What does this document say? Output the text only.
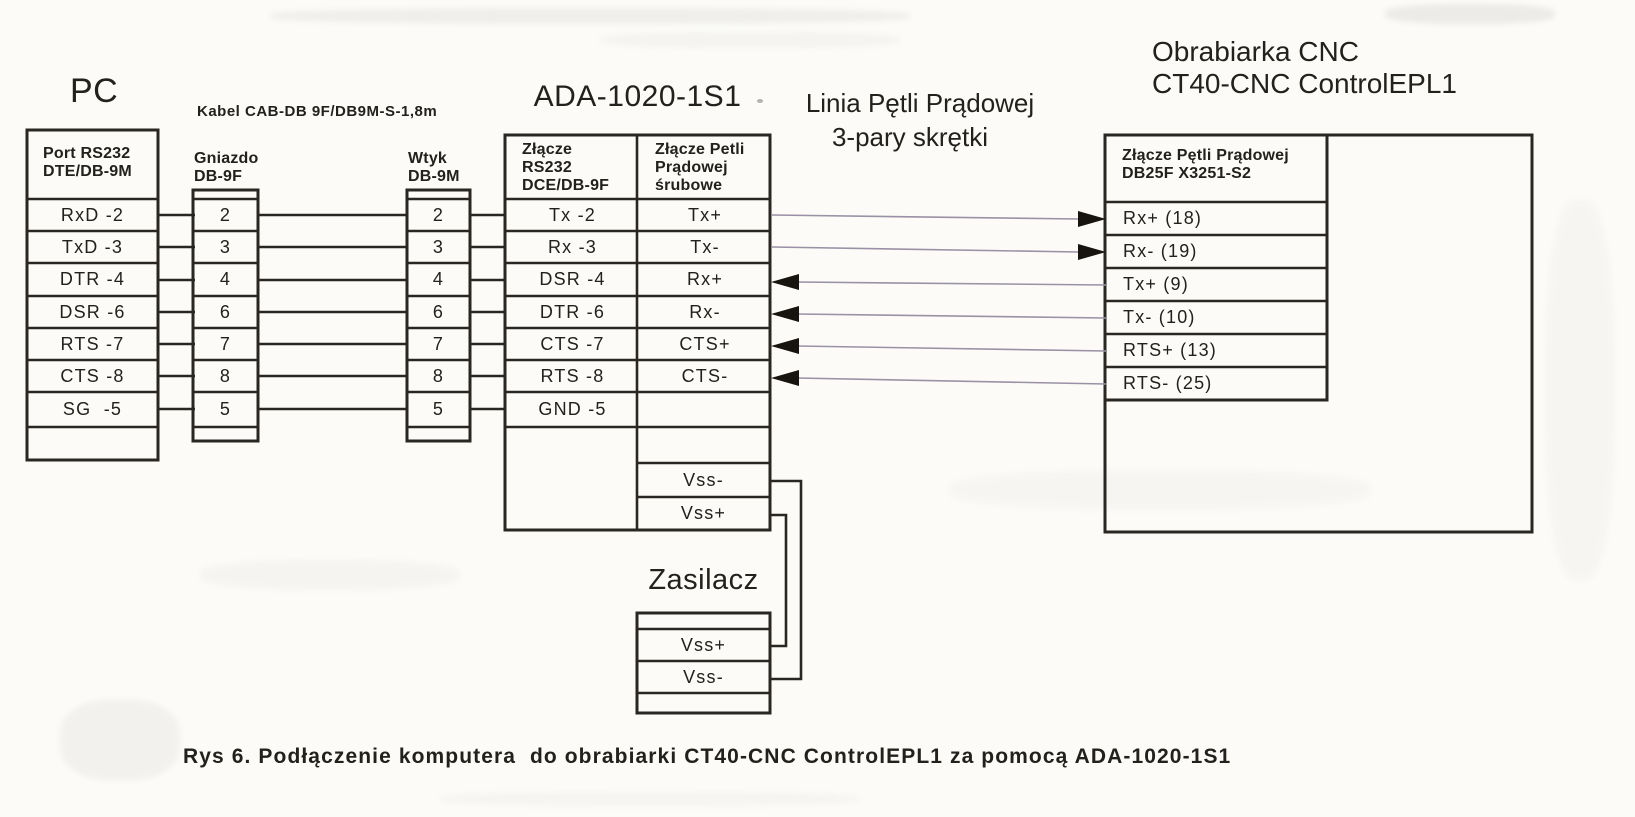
PC
Kabel CAB-DB 9F/DB9M-S-1,8m	ADA-1020-1S1	Linia Pętli Prądowej
3-pary skrętki
Obrabiarka CNC
CT40-CNC ControlEPL1
Zasilacz
Rys 6. Podłączenie komputera  do obrabiarki CT40-CNC ControlEPL1 za pomocą ADA-1020-1S1
Port RS232
DTE/DB-9M
RxD -2
TxD -3
DTR -4
DSR -6
RTS -7
CTS -8
SG  -5
Gniazdo
DB-9F
2
3
4
6
7
8
5
Wtyk
DB-9M
2
3
4
6
7
8
5
Złącze
RS232
DCE/DB-9F
Złącze Petli
Prądowej
śrubowe
Tx -2
Rx -3
DSR -4
DTR -6
CTS -7
RTS -8
GND -5
Tx+
Tx-
Rx+
Rx-
CTS+
CTS-
Vss-
Vss+
Złącze Pętli Prądowej
DB25F X3251-S2
Rx+ (18)
Rx- (19)
Tx+ (9)
Tx- (10)
RTS+ (13)
RTS- (25)
Vss+
Vss-
